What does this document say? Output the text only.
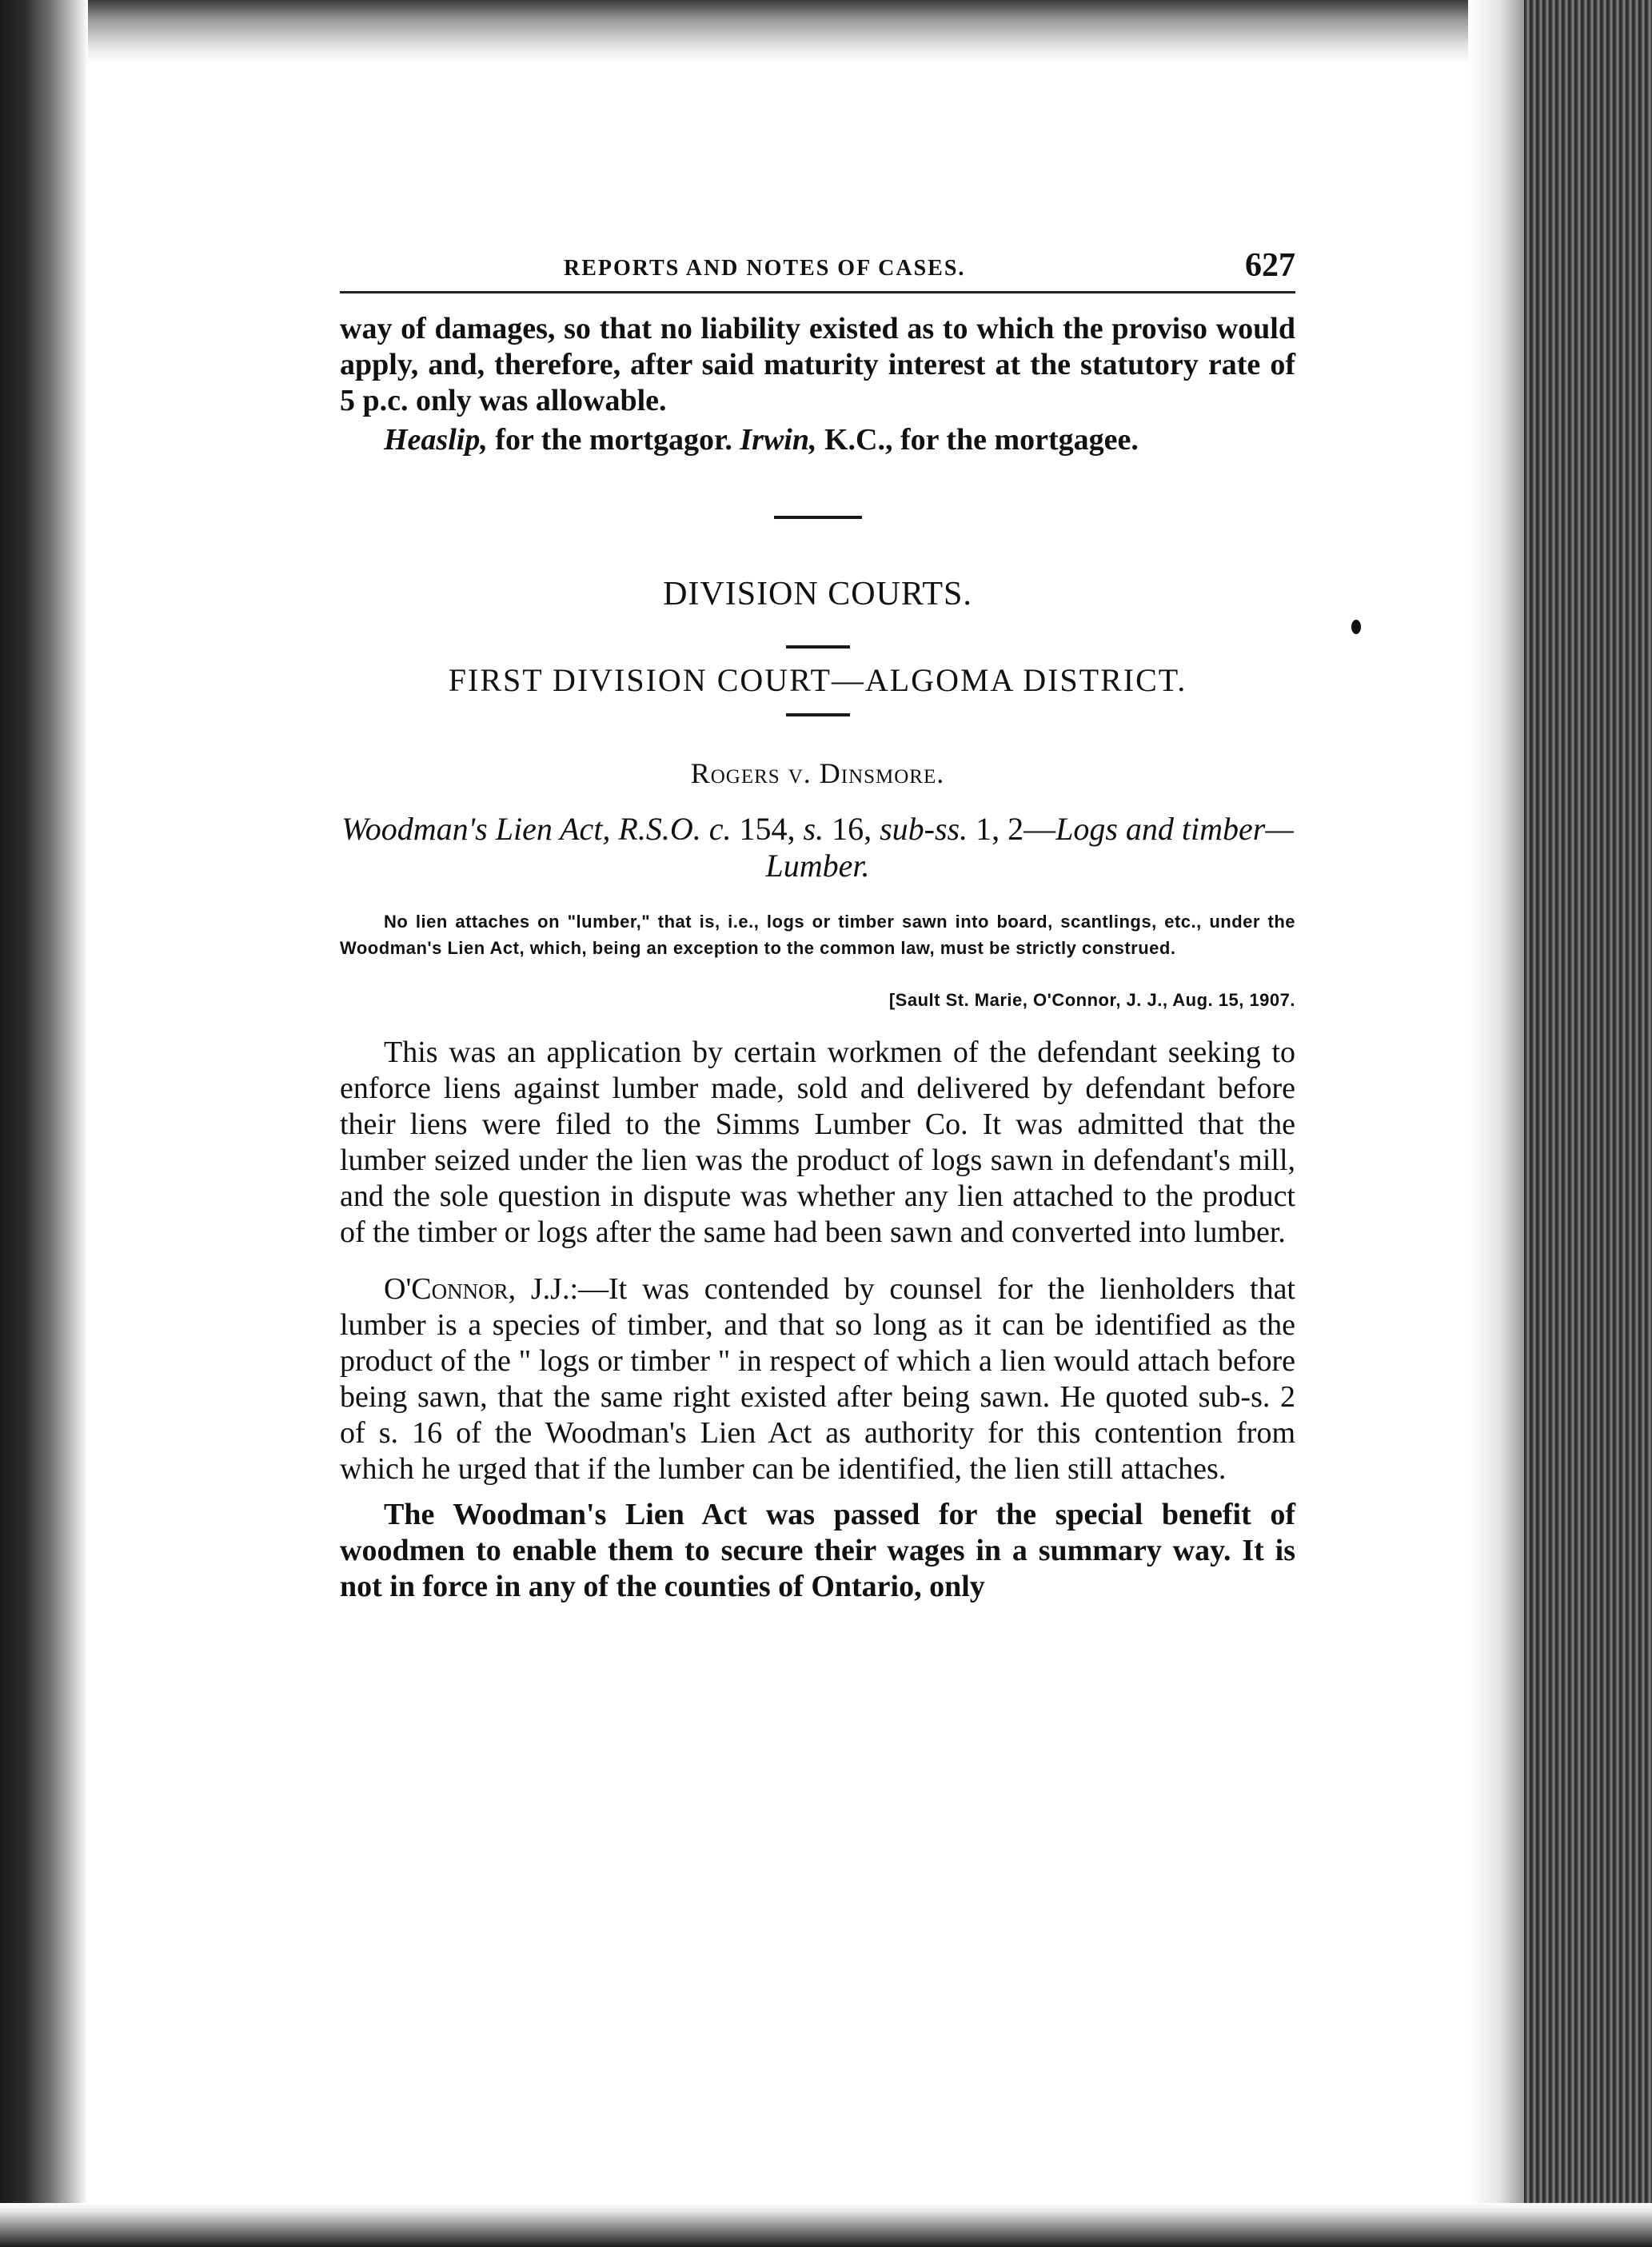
REPORTS AND NOTES OF CASES.	627

way of damages, so that no liability existed as to which the proviso would apply, and, therefore, after said maturity interest at the statutory rate of 5 p.c. only was allowable.

Heaslip, for the mortgagor. Irwin, K.C., for the mortgagee.

DIVISION COURTS.

FIRST DIVISION COURT—ALGOMA DISTRICT.

Rogers v. Dinsmore.

Woodman's Lien Act, R.S.O. c. 154, s. 16, sub-ss. 1, 2—Logs and timber—Lumber.

No lien attaches on "lumber," that is, i.e., logs or timber sawn into board, scantlings, etc., under the Woodman's Lien Act, which, being an exception to the common law, must be strictly construed.

[Sault St. Marie, O'Connor, J. J., Aug. 15, 1907.

This was an application by certain workmen of the defendant seeking to enforce liens against lumber made, sold and delivered by defendant before their liens were filed to the Simms Lumber Co. It was admitted that the lumber seized under the lien was the product of logs sawn in defendant's mill, and the sole question in dispute was whether any lien attached to the product of the timber or logs after the same had been sawn and converted into lumber.

O'Connor, J.J.:—It was contended by counsel for the lienholders that lumber is a species of timber, and that so long as it can be identified as the product of the " logs or timber " in respect of which a lien would attach before being sawn, that the same right existed after being sawn. He quoted sub-s. 2 of s. 16 of the Woodman's Lien Act as authority for this contention from which he urged that if the lumber can be identified, the lien still attaches.

The Woodman's Lien Act was passed for the special benefit of woodmen to enable them to secure their wages in a summary way. It is not in force in any of the counties of Ontario, only
